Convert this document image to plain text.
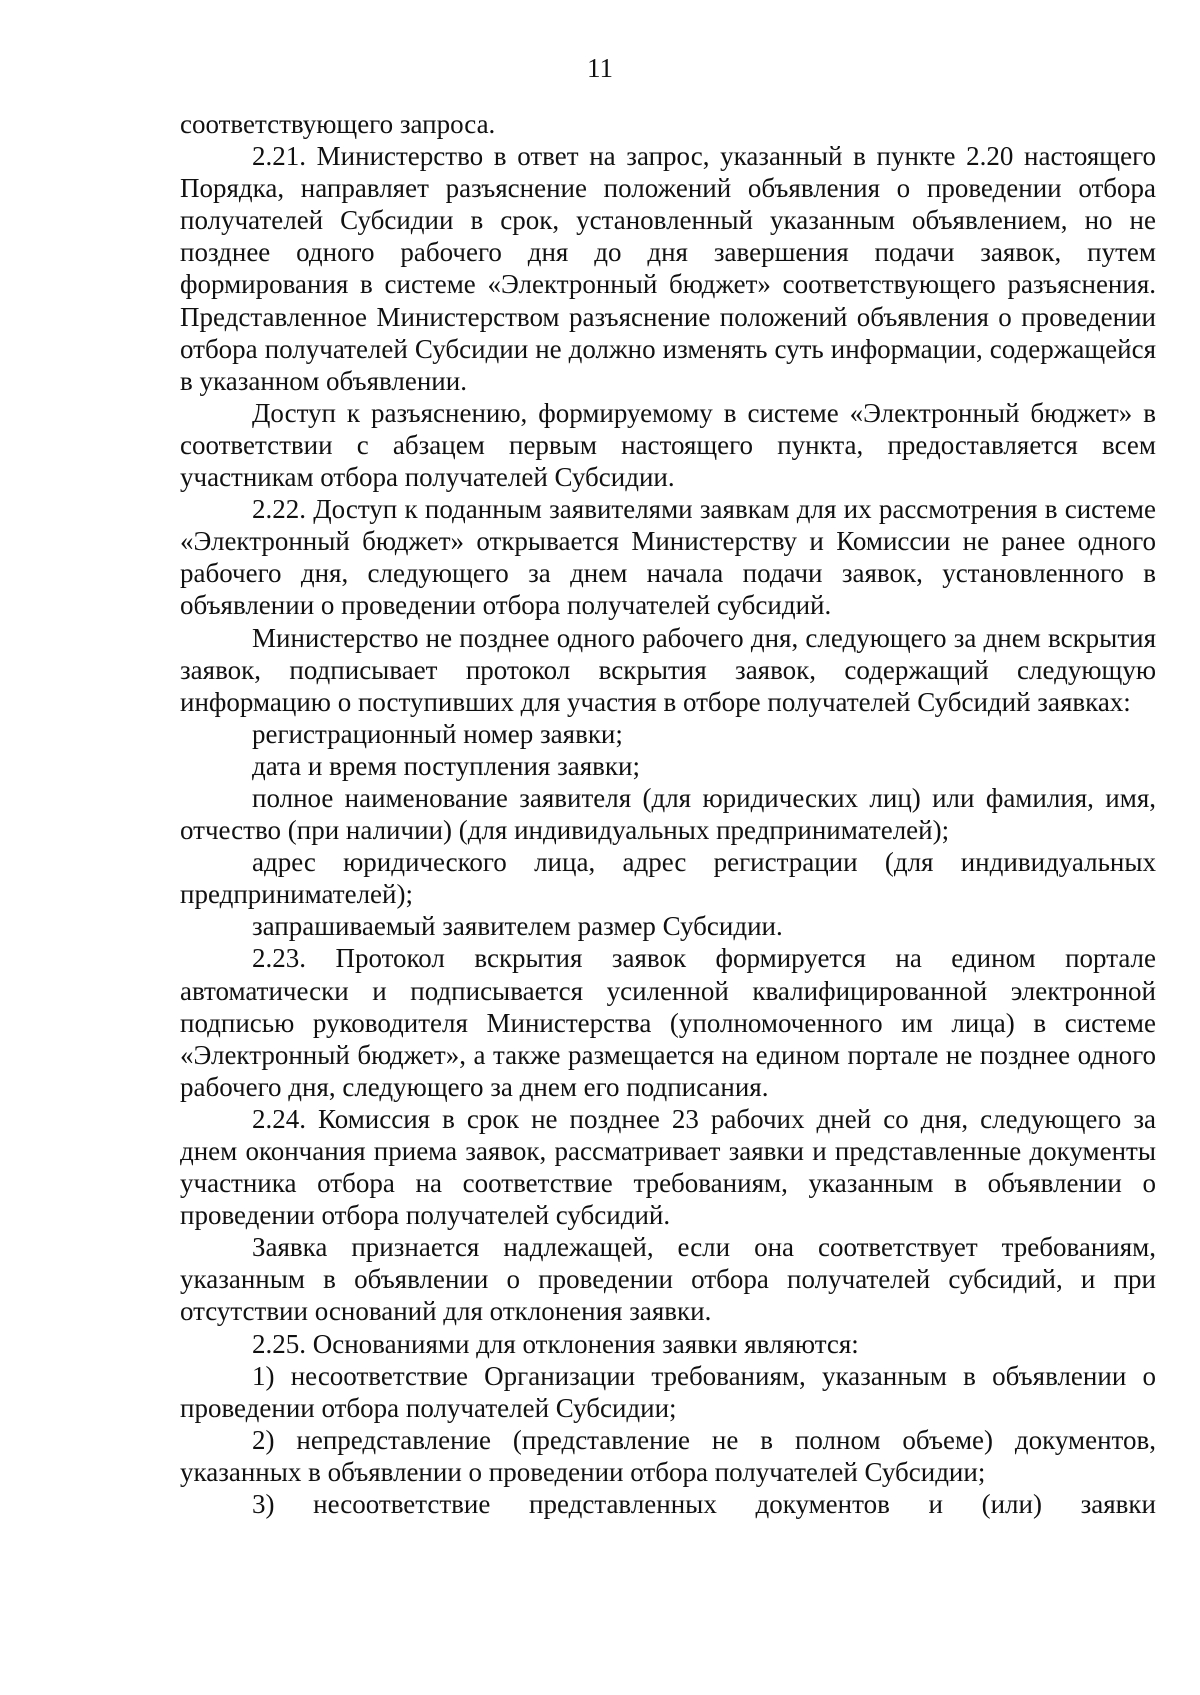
11

соответствующего запроса.

2.21. Министерство в ответ на запрос, указанный в пункте 2.20 настоящего Порядка, направляет разъяснение положений объявления о проведении отбора получателей Субсидии в срок, установленный указанным объявлением, но не позднее одного рабочего дня до дня завершения подачи заявок, путем формирования в системе «Электронный бюджет» соответствующего разъяснения. Представленное Министерством разъяснение положений объявления о проведении отбора получателей Субсидии не должно изменять суть информации, содержащейся в указанном объявлении.

Доступ к разъяснению, формируемому в системе «Электронный бюджет» в соответствии с абзацем первым настоящего пункта, предоставляется всем участникам отбора получателей Субсидии.

2.22. Доступ к поданным заявителями заявкам для их рассмотрения в системе «Электронный бюджет» открывается Министерству и Комиссии не ранее одного рабочего дня, следующего за днем начала подачи заявок, установленного в объявлении о проведении отбора получателей субсидий.

Министерство не позднее одного рабочего дня, следующего за днем вскрытия заявок, подписывает протокол вскрытия заявок, содержащий следующую информацию о поступивших для участия в отборе получателей Субсидий заявках:

регистрационный номер заявки;

дата и время поступления заявки;

полное наименование заявителя (для юридических лиц) или фамилия, имя, отчество (при наличии) (для индивидуальных предпринимателей);

адрес юридического лица, адрес регистрации (для индивидуальных предпринимателей);

запрашиваемый заявителем размер Субсидии.

2.23. Протокол вскрытия заявок формируется на едином портале автоматически и подписывается усиленной квалифицированной электронной подписью руководителя Министерства (уполномоченного им лица) в системе «Электронный бюджет», а также размещается на едином портале не позднее одного рабочего дня, следующего за днем его подписания.

2.24. Комиссия в срок не позднее 23 рабочих дней со дня, следующего за днем окончания приема заявок, рассматривает заявки и представленные документы участника отбора на соответствие требованиям, указанным в объявлении о проведении отбора получателей субсидий.

Заявка признается надлежащей, если она соответствует требованиям, указанным в объявлении о проведении отбора получателей субсидий, и при отсутствии оснований для отклонения заявки.

2.25. Основаниями для отклонения заявки являются:

1) несоответствие Организации требованиям, указанным в объявлении о проведении отбора получателей Субсидии;

2) непредставление (представление не в полном объеме) документов, указанных в объявлении о проведении отбора получателей Субсидии;

3) несоответствие представленных документов и (или) заявки
